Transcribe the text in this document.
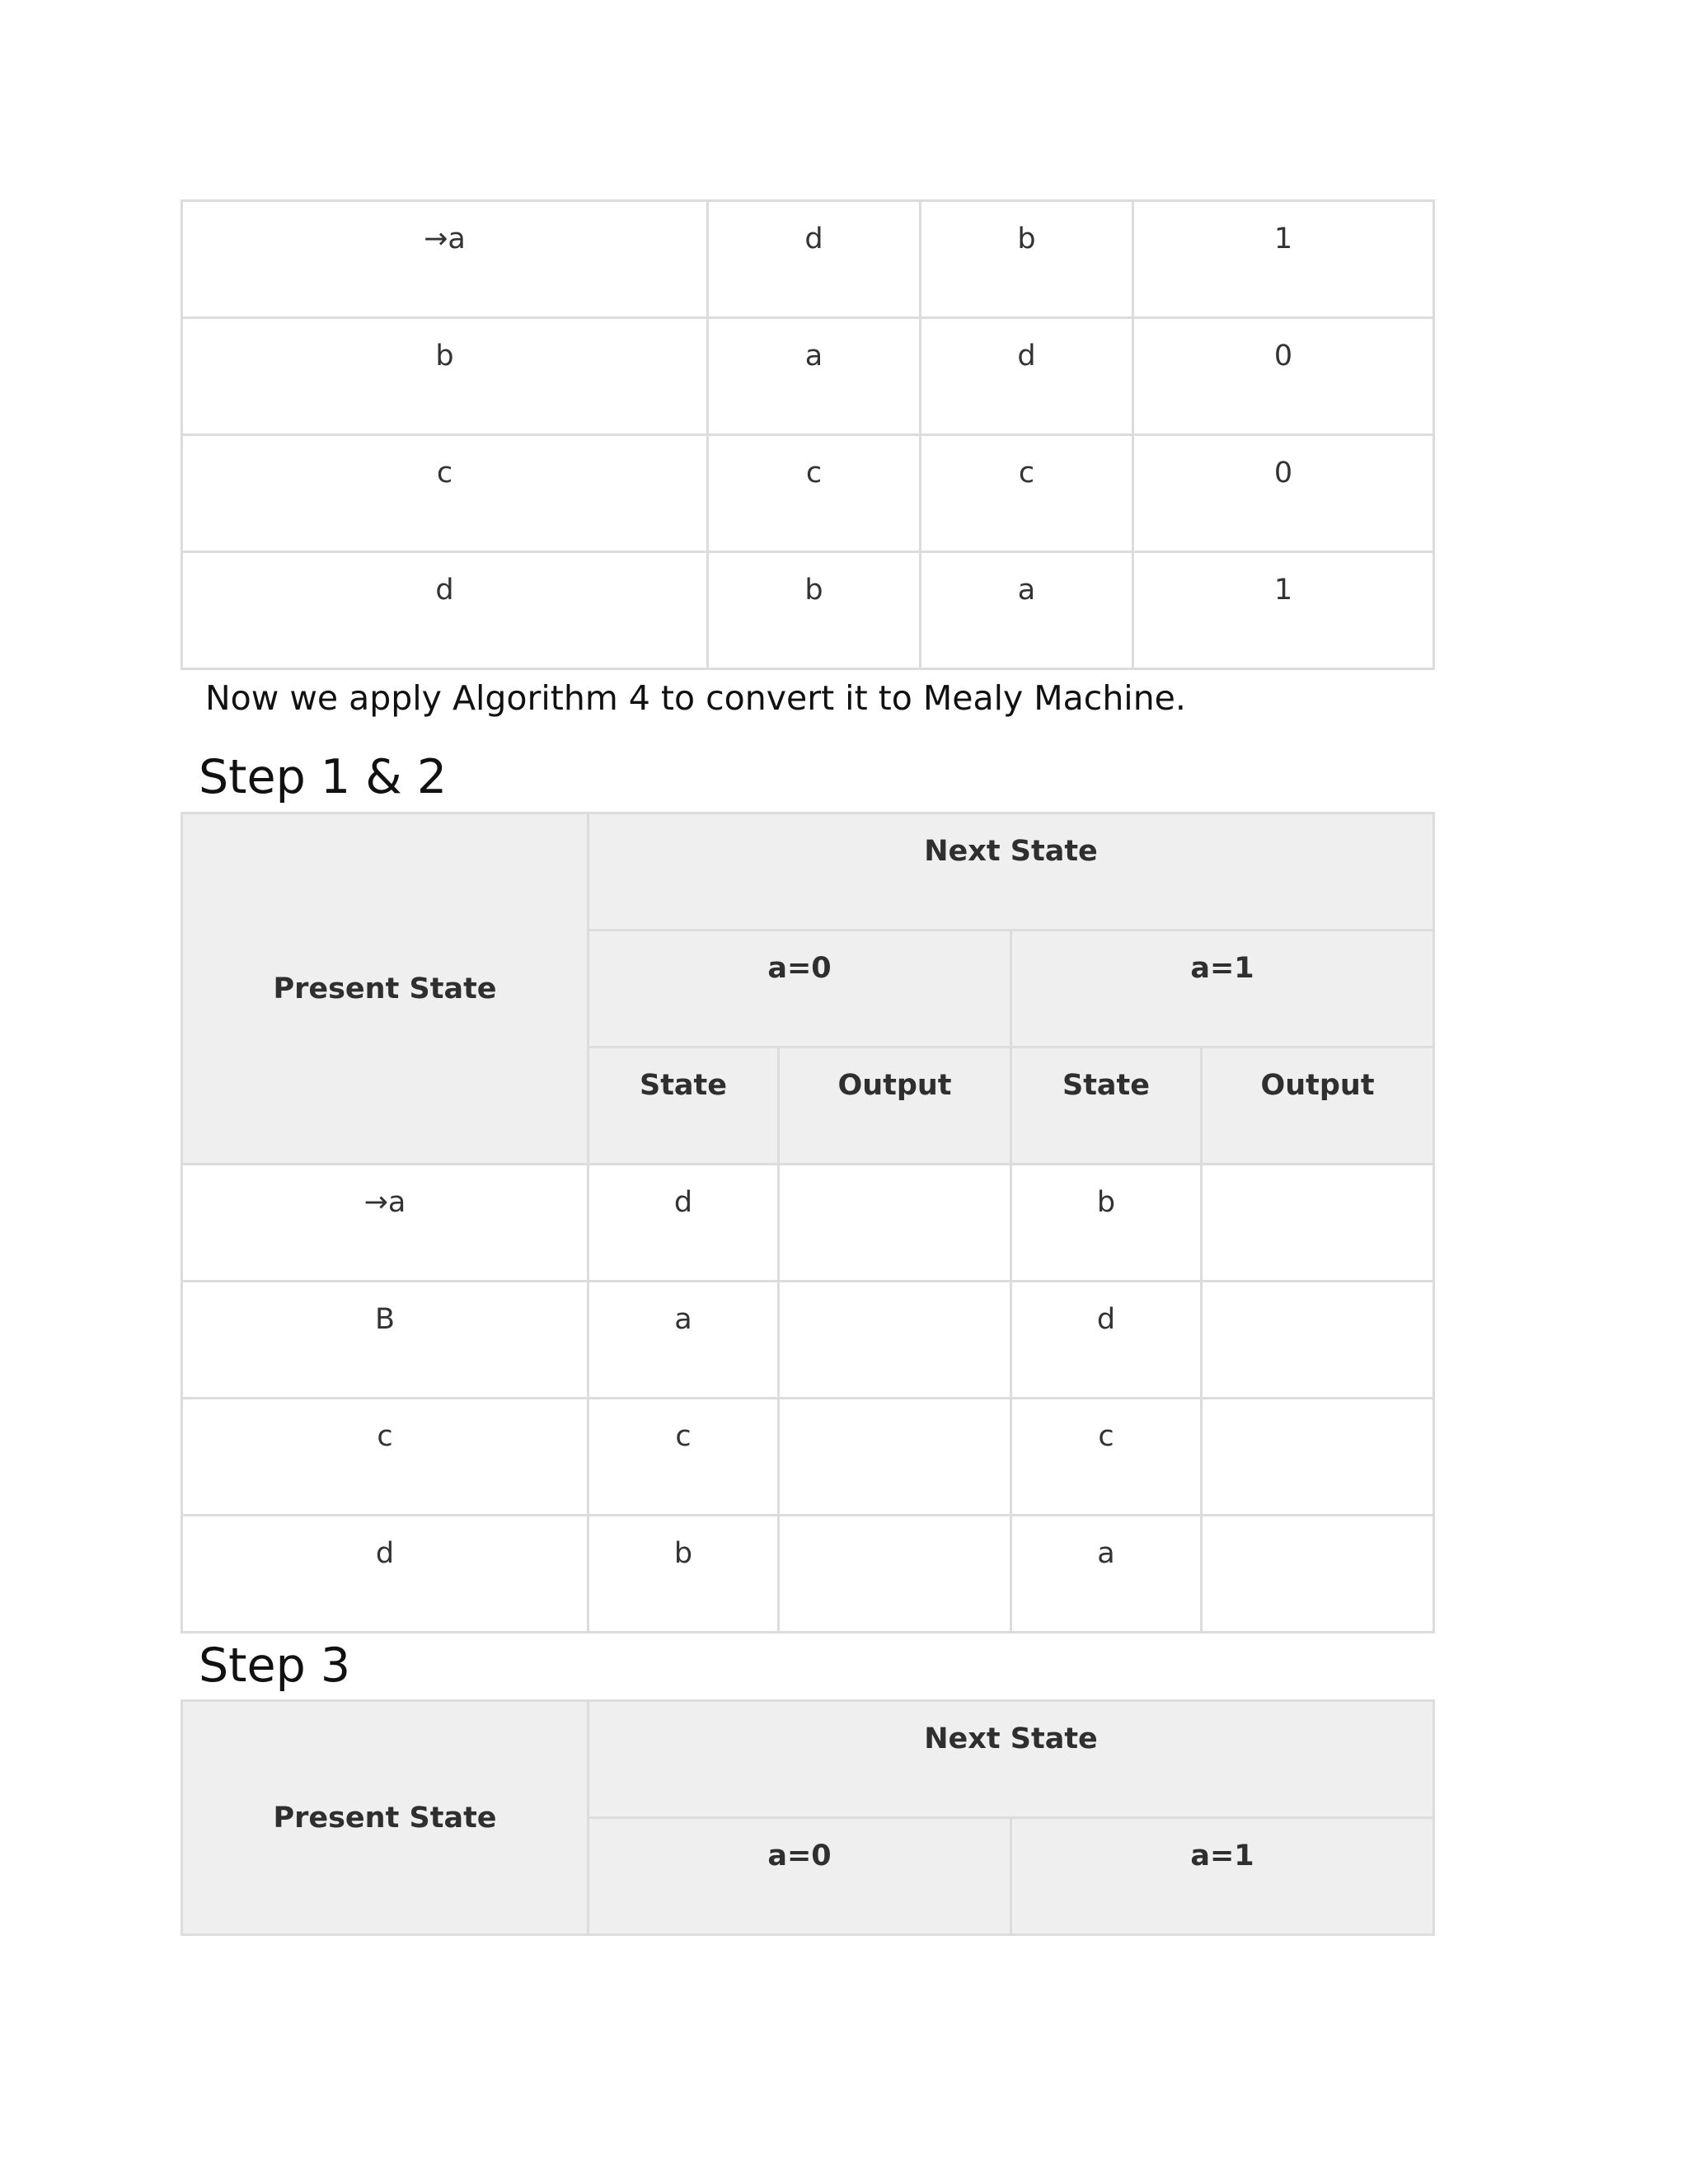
→a	d	b	1
b	a	d	0
c	c	c	0
d	b	a	1

Now we apply Algorithm 4 to convert it to Mealy Machine.

Step 1 & 2
Present State	Next State			
	a=0		a=1	
	State	Output	State	Output
→a	d		b	
B	a		d	
c	c		c	
d	b		a	
Step 3
Present State	Next State	
	a=0	a=1
